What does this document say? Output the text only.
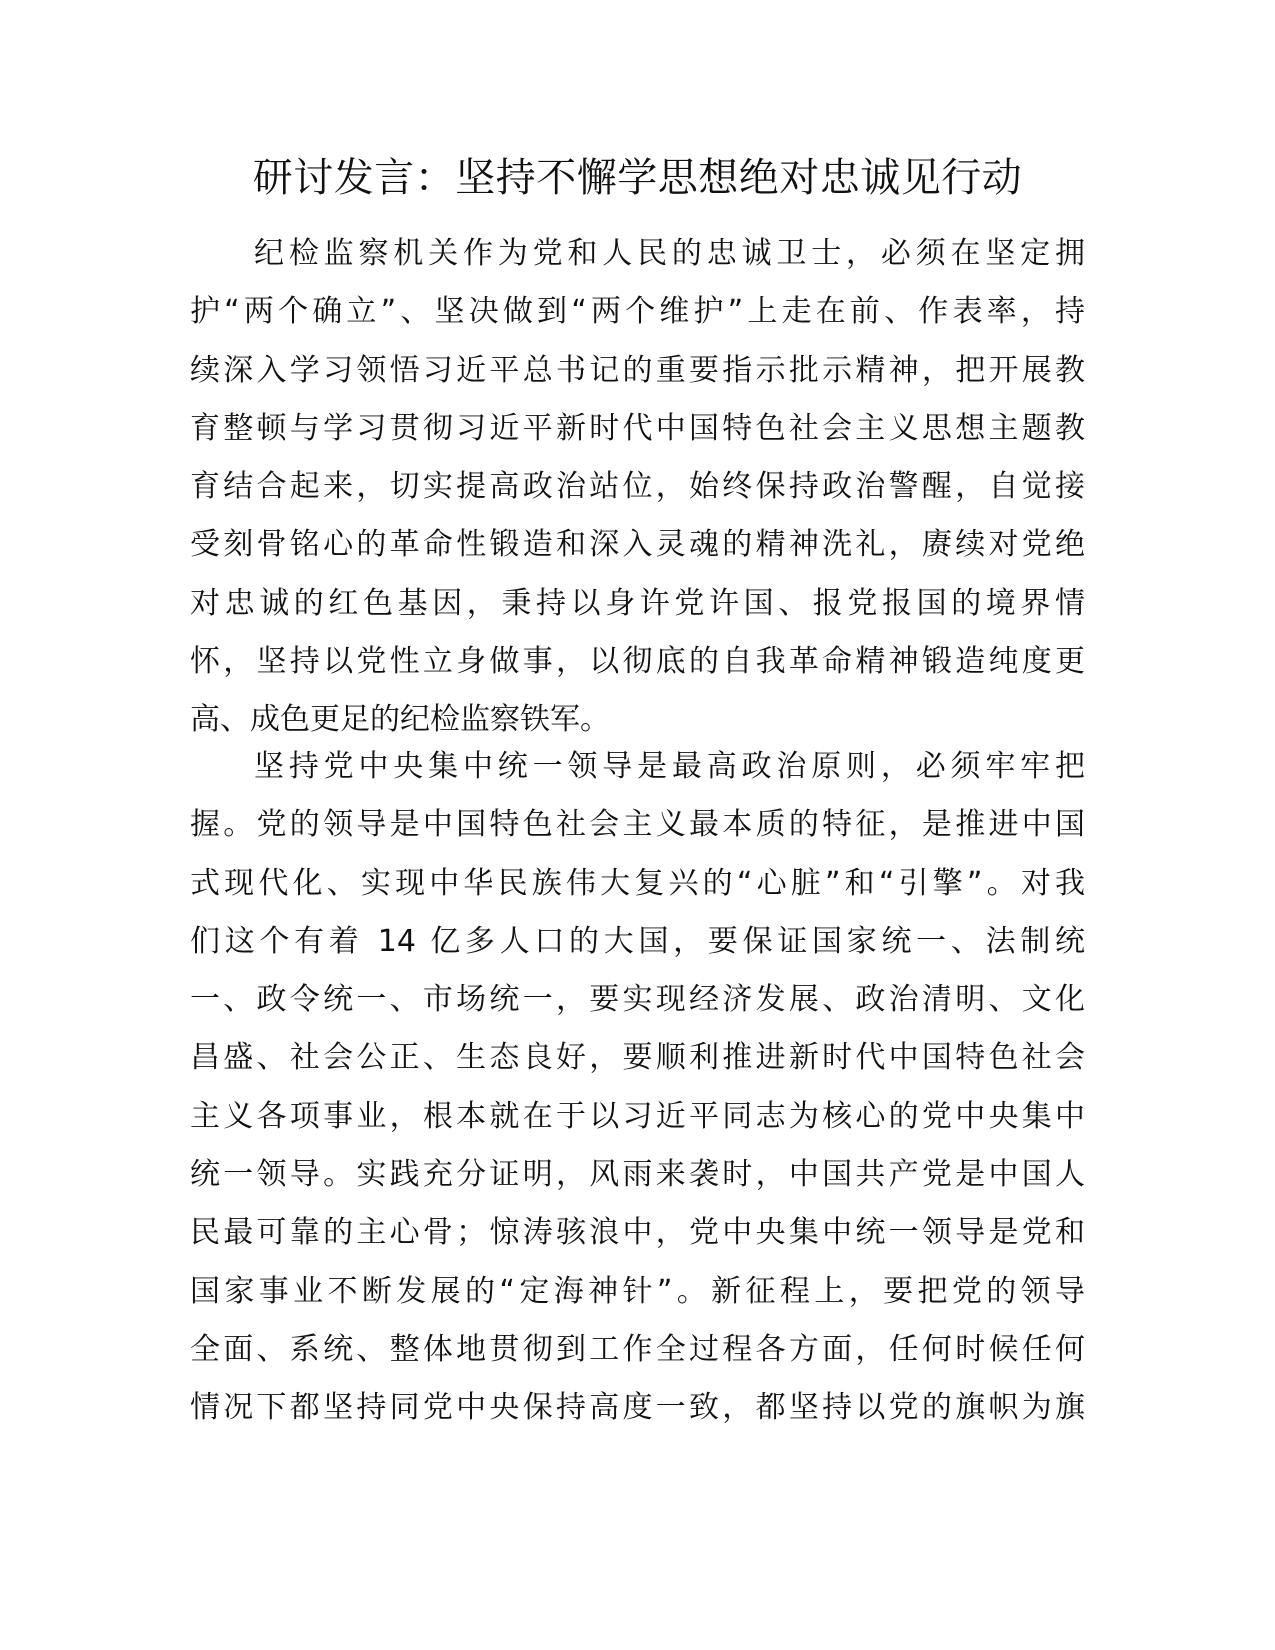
研讨发言：坚持不懈学思想绝对忠诚见行动
纪检监察机关作为党和人民的忠诚卫士，必须在坚定拥
护“两个确立”、坚决做到“两个维护”上走在前、作表率，持
续深入学习领悟习近平总书记的重要指示批示精神，把开展教
育整顿与学习贯彻习近平新时代中国特色社会主义思想主题教
育结合起来，切实提高政治站位，始终保持政治警醒，自觉接
受刻骨铭心的革命性锻造和深入灵魂的精神洗礼，赓续对党绝
对忠诚的红色基因，秉持以身许党许国、报党报国的境界情
怀，坚持以党性立身做事，以彻底的自我革命精神锻造纯度更
高、成色更足的纪检监察铁军。
坚持党中央集中统一领导是最高政治原则，必须牢牢把
握。党的领导是中国特色社会主义最本质的特征，是推进中国
式现代化、实现中华民族伟大复兴的“心脏”和“引擎”。对我
们这个有着 14 亿多人口的大国，要保证国家统一、法制统
一、政令统一、市场统一，要实现经济发展、政治清明、文化
昌盛、社会公正、生态良好，要顺利推进新时代中国特色社会
主义各项事业，根本就在于以习近平同志为核心的党中央集中
统一领导。实践充分证明，风雨来袭时，中国共产党是中国人
民最可靠的主心骨；惊涛骇浪中，党中央集中统一领导是党和
国家事业不断发展的“定海神针”。新征程上，要把党的领导
全面、系统、整体地贯彻到工作全过程各方面，任何时候任何
情况下都坚持同党中央保持高度一致，都坚持以党的旗帜为旗
